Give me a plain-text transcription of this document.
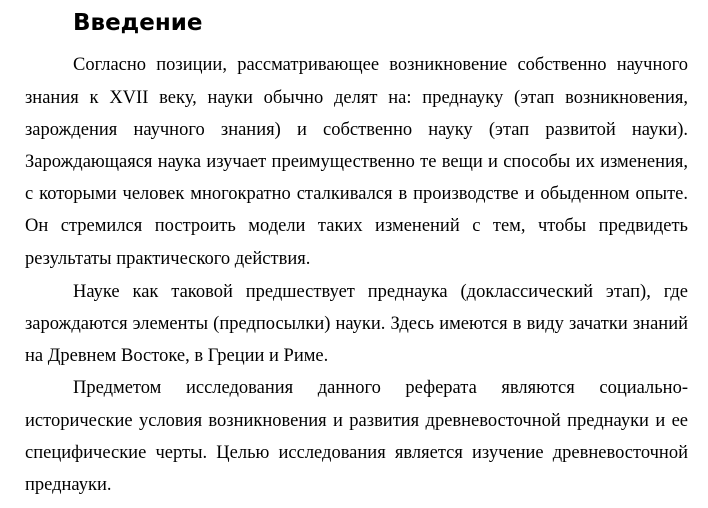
Введение
Согласно позиции, рассматривающее возникновение собственно научного
знания к XVII веку, науки обычно делят на: преднауку (этап возникновения,
зарождения научного знания) и собственно науку (этап развитой науки).
Зарождающаяся наука изучает преимущественно те вещи и способы их изменения,
с которыми человек многократно сталкивался в производстве и обыденном опыте.
Он стремился построить модели таких изменений с тем, чтобы предвидеть
результаты практического действия.
Науке как таковой предшествует преднаука (доклассический этап), где
зарождаются элементы (предпосылки) науки. Здесь имеются в виду зачатки знаний
на Древнем Востоке, в Греции и Риме.
Предметом исследования данного реферата являются социально-
исторические условия возникновения и развития древневосточной преднауки и ее
специфические черты. Целью исследования является изучение древневосточной
преднауки.
